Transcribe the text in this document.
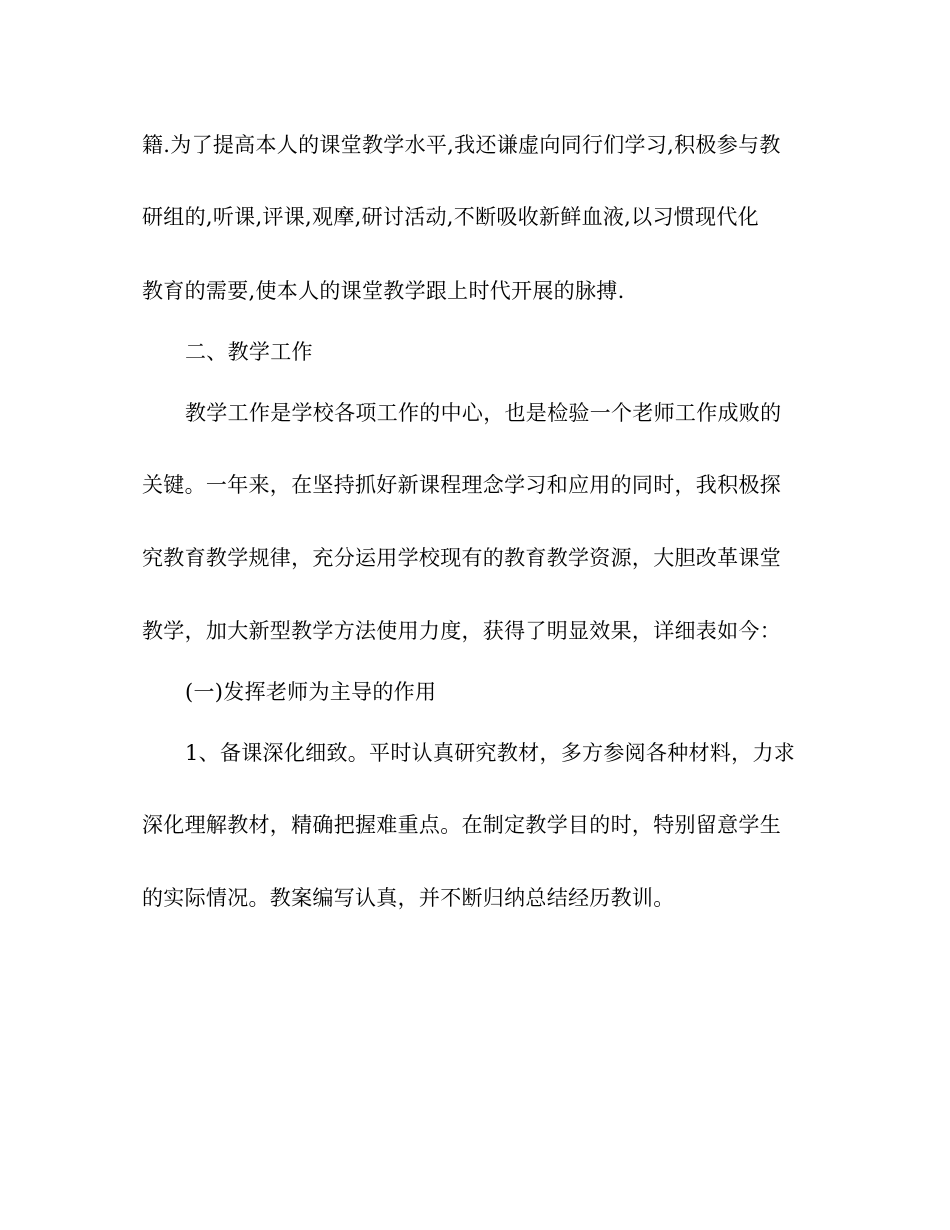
籍.为了提高本人的课堂教学水平,我还谦虚向同行们学习,积极参与教
研组的,听课,评课,观摩,研讨活动,不断吸收新鲜血液,以习惯现代化
教育的需要,使本人的课堂教学跟上时代开展的脉搏.
二、教学工作
教学工作是学校各项工作的中心，也是检验一个老师工作成败的
关键。一年来，在坚持抓好新课程理念学习和应用的同时，我积极探
究教育教学规律，充分运用学校现有的教育教学资源，大胆改革课堂
教学，加大新型教学方法使用力度，获得了明显效果，详细表如今：
(一)发挥老师为主导的作用
1、备课深化细致。平时认真研究教材，多方参阅各种材料，力求
深化理解教材，精确把握难重点。在制定教学目的时，特别留意学生
的实际情况。教案编写认真，并不断归纳总结经历教训。
